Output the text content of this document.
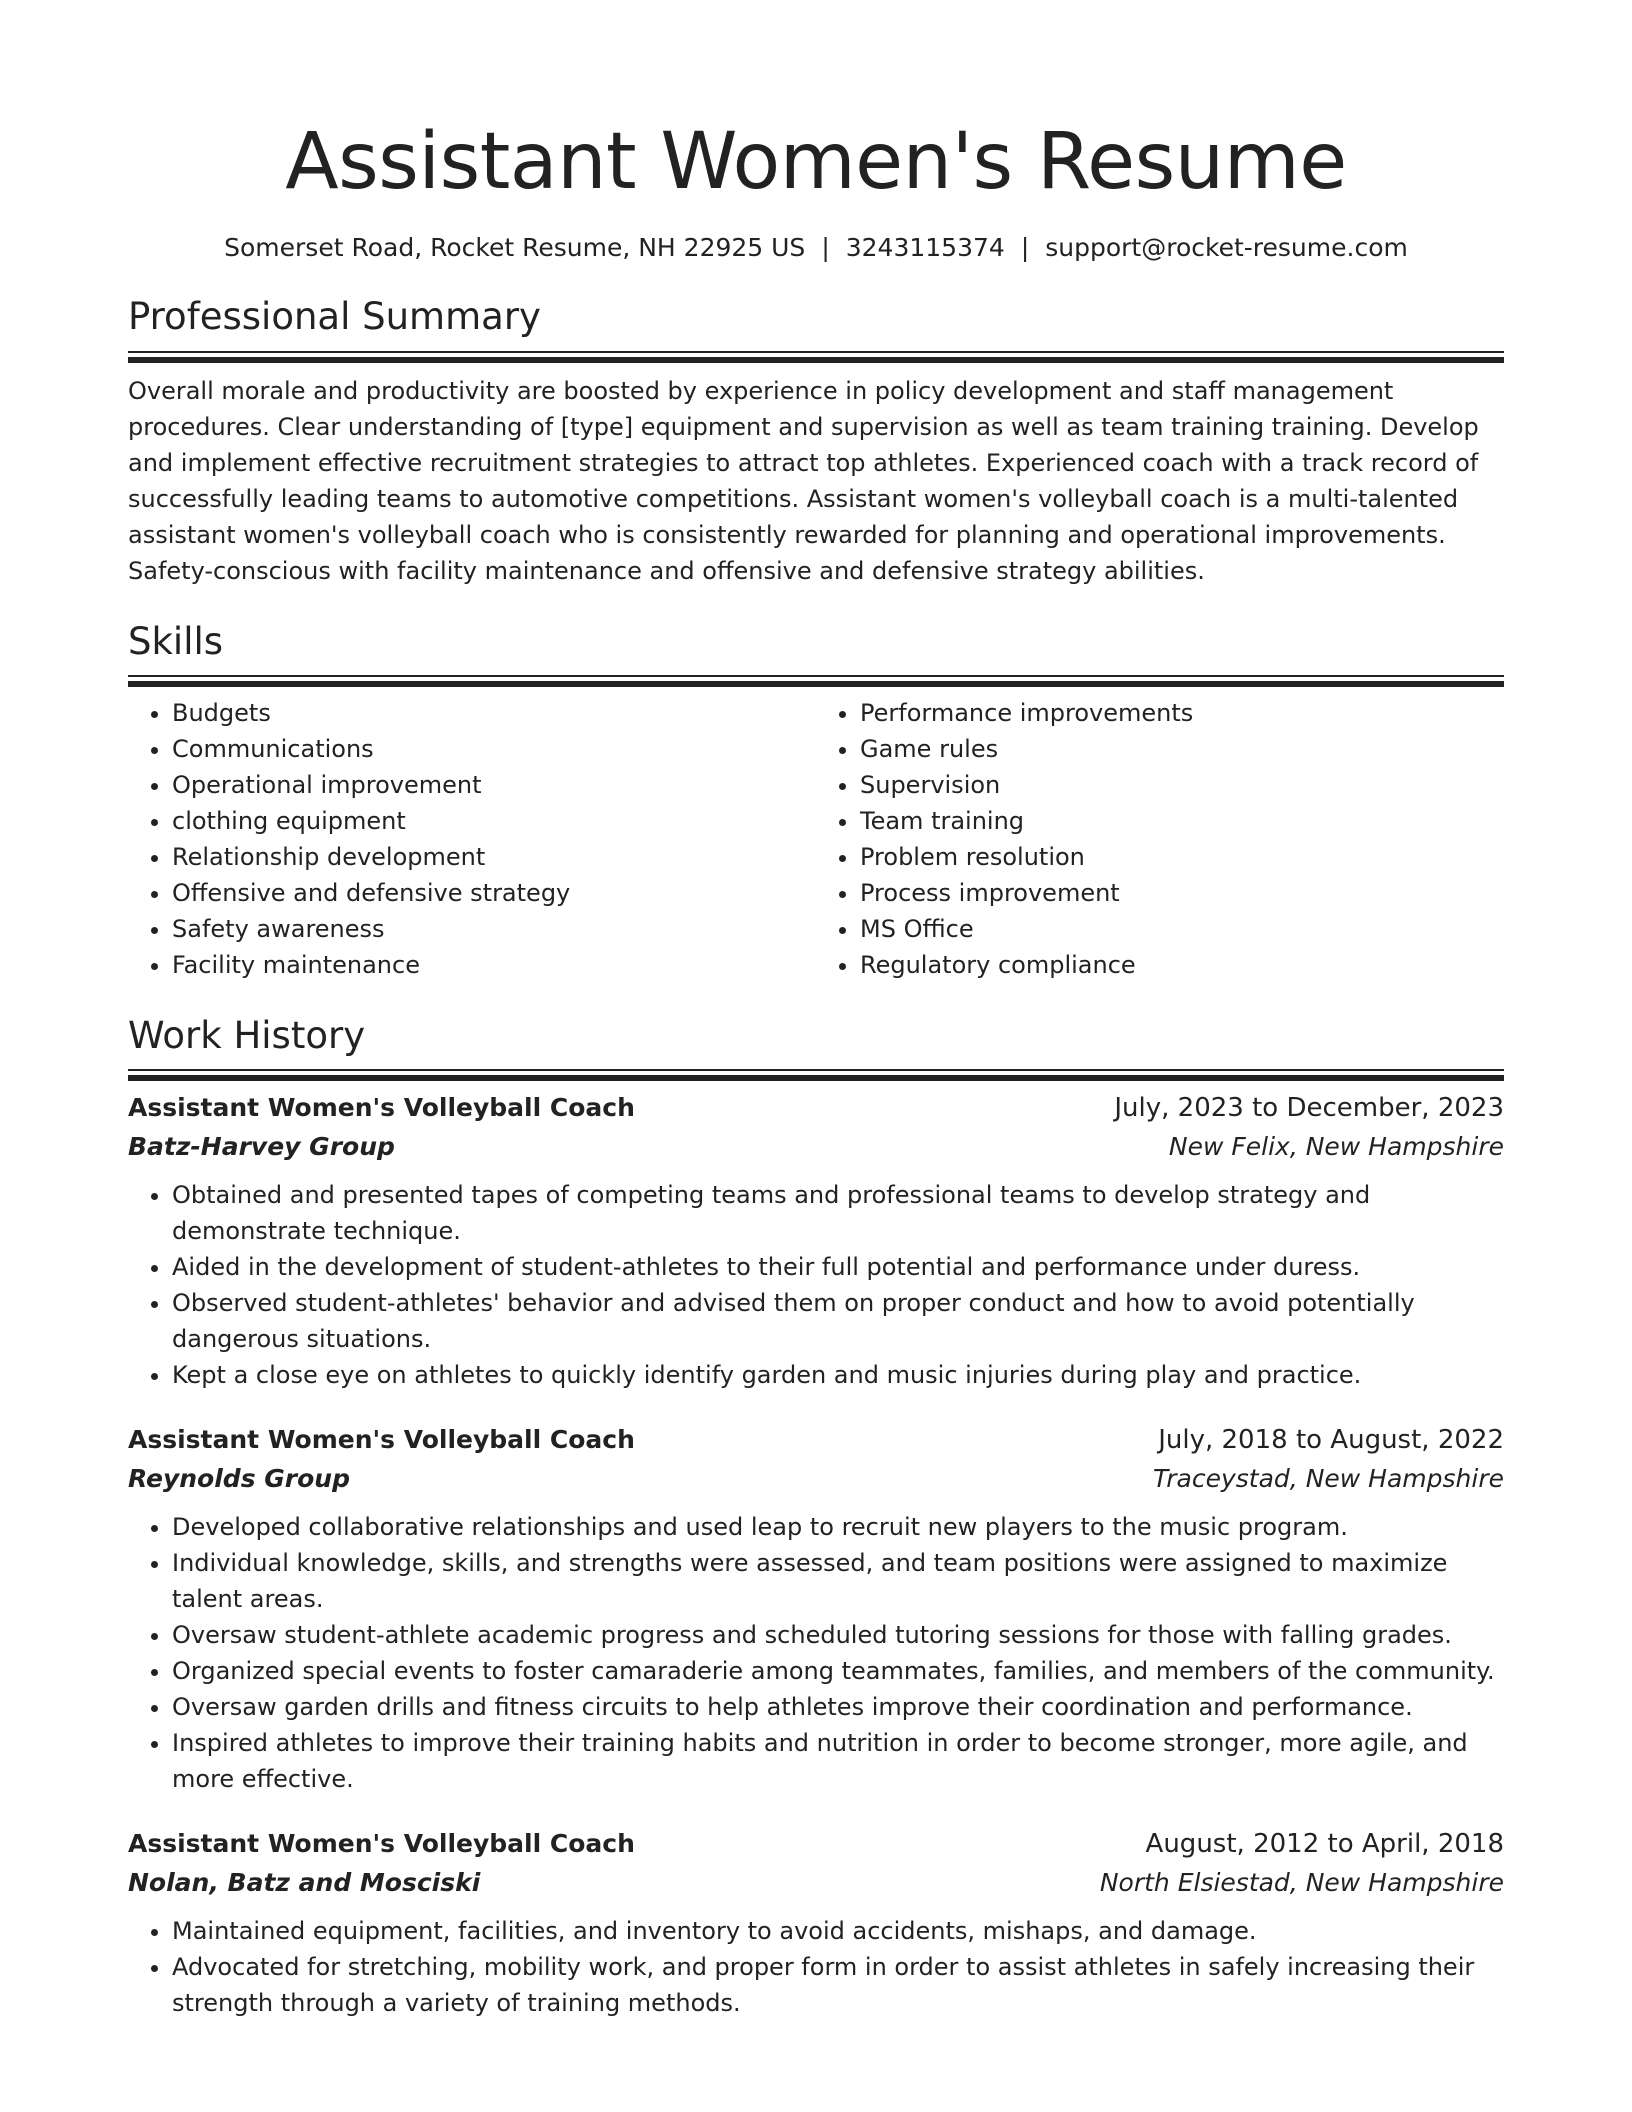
Assistant Women's Resume
Somerset Road, Rocket Resume, NH 22925 US | 3243115374 | support@rocket-resume.com
Professional Summary
Overall morale and productivity are boosted by experience in policy development and staff management procedures. Clear understanding of [type] equipment and supervision as well as team training training. Develop and implement effective recruitment strategies to attract top athletes. Experienced coach with a track record of successfully leading teams to automotive competitions. Assistant women's volleyball coach is a multi-talented assistant women's volleyball coach who is consistently rewarded for planning and operational improvements. Safety-conscious with facility maintenance and offensive and defensive strategy abilities.
Skills
• Budgets
• Communications
• Operational improvement
• clothing equipment
• Relationship development
• Offensive and defensive strategy
• Safety awareness
• Facility maintenance
• Performance improvements
• Game rules
• Supervision
• Team training
• Problem resolution
• Process improvement
• MS Office
• Regulatory compliance
Work History
Assistant Women's Volleyball Coach	July, 2023 to December, 2023
Batz-Harvey Group	New Felix, New Hampshire
• Obtained and presented tapes of competing teams and professional teams to develop strategy and demonstrate technique.
• Aided in the development of student-athletes to their full potential and performance under duress.
• Observed student-athletes' behavior and advised them on proper conduct and how to avoid potentially dangerous situations.
• Kept a close eye on athletes to quickly identify garden and music injuries during play and practice.
Assistant Women's Volleyball Coach	July, 2018 to August, 2022
Reynolds Group	Traceystad, New Hampshire
• Developed collaborative relationships and used leap to recruit new players to the music program.
• Individual knowledge, skills, and strengths were assessed, and team positions were assigned to maximize talent areas.
• Oversaw student-athlete academic progress and scheduled tutoring sessions for those with falling grades.
• Organized special events to foster camaraderie among teammates, families, and members of the community.
• Oversaw garden drills and fitness circuits to help athletes improve their coordination and performance.
• Inspired athletes to improve their training habits and nutrition in order to become stronger, more agile, and more effective.
Assistant Women's Volleyball Coach	August, 2012 to April, 2018
Nolan, Batz and Mosciski	North Elsiestad, New Hampshire
• Maintained equipment, facilities, and inventory to avoid accidents, mishaps, and damage.
• Advocated for stretching, mobility work, and proper form in order to assist athletes in safely increasing their strength through a variety of training methods.
